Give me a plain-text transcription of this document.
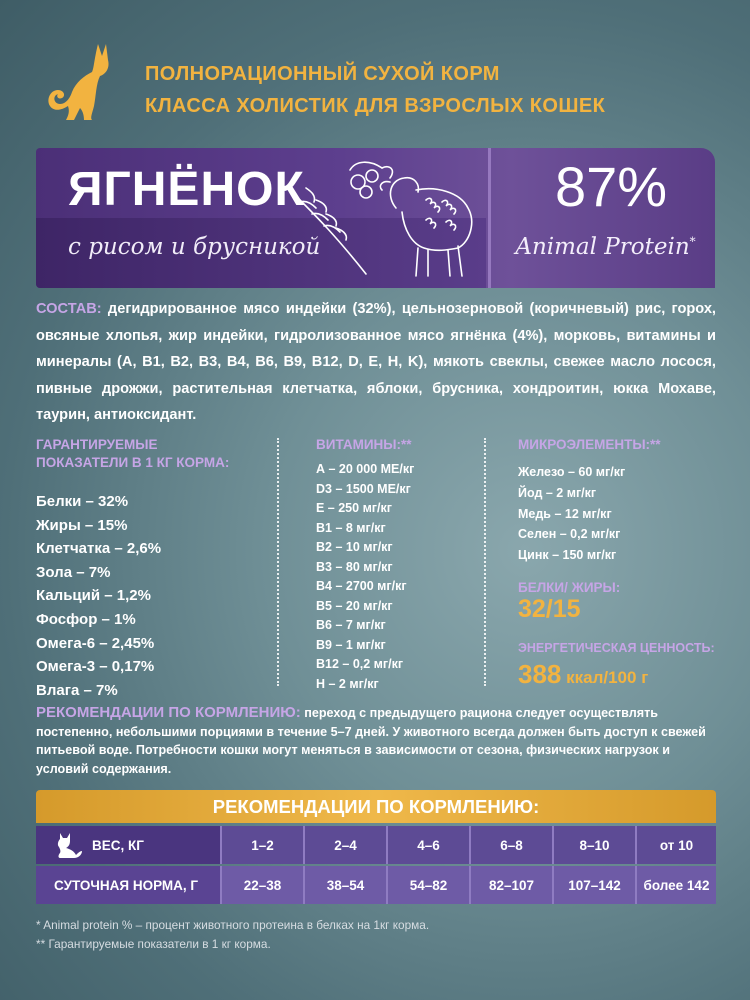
ПОЛНОРАЦИОННЫЙ СУХОЙ КОРМ
КЛАССА ХОЛИСТИК ДЛЯ ВЗРОСЛЫХ КОШЕК
ЯГНЁНОК
с рисом и брусникой
87%
Animal Protein*
СОСТАВ: дегидрированное мясо индейки (32%), цельнозерновой (коричневый) рис, горох, овсяные хлопья, жир индейки, гидролизованное мясо ягнёнка (4%), морковь, витамины и минералы (А, В1, В2, В3, В4, В6, В9, В12, D, E, H, K), мякоть свеклы, свежее масло лосося, пивные дрожжи, растительная клетчатка, яблоки, брусника, хондроитин, юкка Мохаве, таурин, антиоксидант.
ГАРАНТИРУЕМЫЕ
ПОКАЗАТЕЛИ В 1 КГ КОРМА:
Белки – 32%
Жиры – 15%
Клетчатка – 2,6%
Зола – 7%
Кальций – 1,2%
Фосфор – 1%
Омега-6 – 2,45%
Омега-3 – 0,17%
Влага – 7%
ВИТАМИНЫ:**
А – 20 000 МЕ/кг
D3 – 1500 МЕ/кг
Е – 250 мг/кг
B1 – 8 мг/кг
B2 – 10 мг/кг
B3 – 80 мг/кг
B4 – 2700 мг/кг
B5 – 20 мг/кг
B6 – 7 мг/кг
B9 – 1 мг/кг
B12 – 0,2 мг/кг
H – 2 мг/кг
МИКРОЭЛЕМЕНТЫ:**
Железо – 60 мг/кг
Йод – 2 мг/кг
Медь – 12 мг/кг
Селен – 0,2 мг/кг
Цинк – 150 мг/кг
БЕЛКИ/ ЖИРЫ:
32/15
ЭНЕРГЕТИЧЕСКАЯ ЦЕННОСТЬ:
388 ккал/100 г
РЕКОМЕНДАЦИИ ПО КОРМЛЕНИЮ: переход с предыдущего рациона следует осуществлять постепенно, небольшими порциями в течение 5–7 дней. У животного всегда должен быть доступ к свежей питьевой воде. Потребности кошки могут меняться в зависимости от сезона, физических нагрузок и условий содержания.
РЕКОМЕНДАЦИИ ПО КОРМЛЕНИЮ:
ВЕС, КГ	1–2	2–4	4–6	6–8	8–10	от 10
СУТОЧНАЯ НОРМА, Г	22–38	38–54	54–82	82–107	107–142	более 142
* Animal protein % – процент животного протеина в белках на 1кг корма.
** Гарантируемые показатели в 1 кг корма.
